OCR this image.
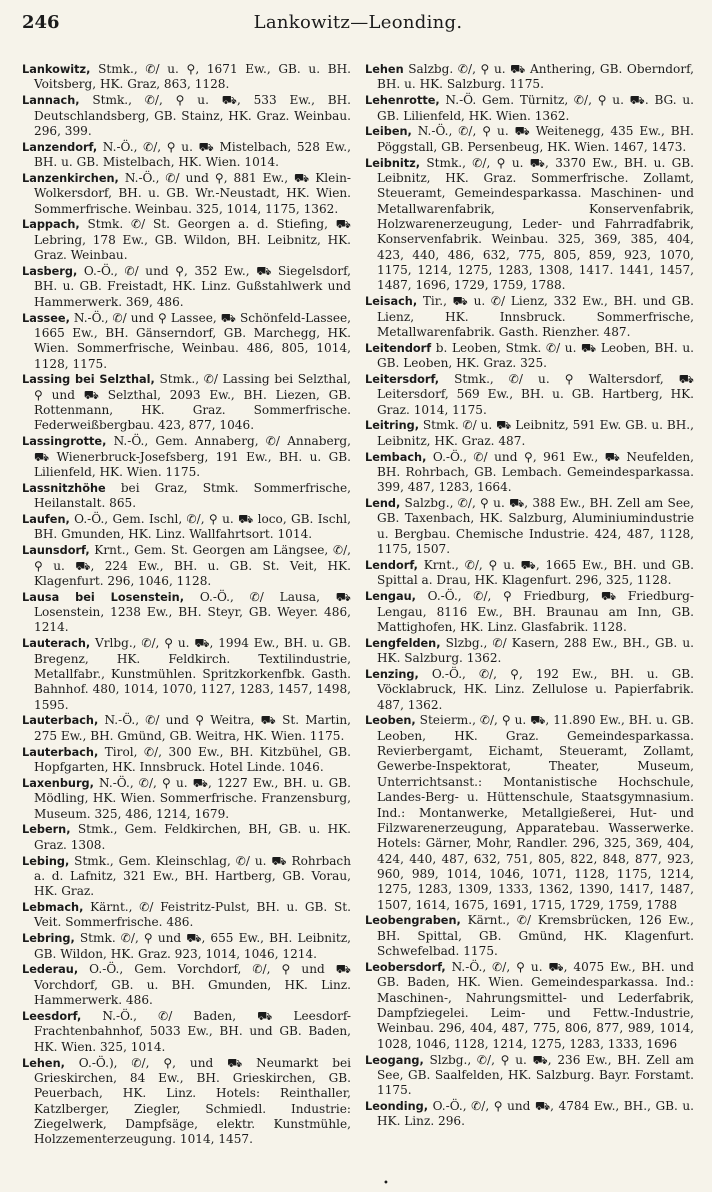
246	Lankowitz—Leonding.

Lankowitz, Stmk., ✆/ u. ⚲, 1671 Ew., GB. u. BH. Voitsberg, HK. Graz, 863, 1128.

Lannach, Stmk., ✆/, ⚲ u. ⛟, 533 Ew., BH. Deutschlandsberg, GB. Stainz, HK. Graz. Weinbau. 296, 399.

Lanzendorf, N.-Ö., ✆/, ⚲ u. ⛟ Mistelbach, 528 Ew., BH. u. GB. Mistelbach, HK. Wien. 1014.

Lanzenkirchen, N.-Ö., ✆/ und ⚲, 881 Ew., ⛟ Klein-Wolkersdorf, BH. u. GB. Wr.-Neustadt, HK. Wien. Sommerfrische. Weinbau. 325, 1014, 1175, 1362.

Lappach, Stmk. ✆/ St. Georgen a. d. Stiefing, ⛟ Lebring, 178 Ew., GB. Wildon, BH. Leibnitz, HK. Graz. Weinbau.

Lasberg, O.-Ö., ✆/ und ⚲, 352 Ew., ⛟ Siegelsdorf, BH. u. GB. Freistadt, HK. Linz. Gußstahlwerk und Hammerwerk. 369, 486.

Lassee, N.-Ö., ✆/ und ⚲ Lassee, ⛟ Schönfeld-Lassee, 1665 Ew., BH. Gänserndorf, GB. Marchegg, HK. Wien. Sommerfrische, Weinbau. 486, 805, 1014, 1128, 1175.

Lassing bei Selzthal, Stmk., ✆/ Lassing bei Selzthal, ⚲ und ⛟ Selzthal, 2093 Ew., BH. Liezen, GB. Rottenmann, HK. Graz. Sommerfrische. Federweißbergbau. 423, 877, 1046.

Lassingrotte, N.-Ö., Gem. Annaberg, ✆/ Annaberg, ⛟ Wienerbruck-Josefsberg, 191 Ew., BH. u. GB. Lilienfeld, HK. Wien. 1175.

Lassnitzhöhe bei Graz, Stmk. Sommerfrische, Heilanstalt. 865.

Laufen, O.-Ö., Gem. Ischl, ✆/, ⚲ u. ⛟ loco, GB. Ischl, BH. Gmunden, HK. Linz. Wallfahrtsort. 1014.

Launsdorf, Krnt., Gem. St. Georgen am Längsee, ✆/, ⚲ u. ⛟, 224 Ew., BH. u. GB. St. Veit, HK. Klagenfurt. 296, 1046, 1128.

Lausa bei Losenstein, O.-Ö., ✆/ Lausa, ⛟ Losenstein, 1238 Ew., BH. Steyr, GB. Weyer. 486, 1214.

Lauterach, Vrlbg., ✆/, ⚲ u. ⛟, 1994 Ew., BH. u. GB. Bregenz, HK. Feldkirch. Textilindustrie, Metallfabr., Kunstmühlen. Spritzkorkenfbk. Gasth. Bahnhof. 480, 1014, 1070, 1127, 1283, 1457, 1498, 1595.

Lauterbach, N.-Ö., ✆/ und ⚲ Weitra, ⛟ St. Martin, 275 Ew., BH. Gmünd, GB. Weitra, HK. Wien. 1175.

Lauterbach, Tirol, ✆/, 300 Ew., BH. Kitzbühel, GB. Hopfgarten, HK. Innsbruck. Hotel Linde. 1046.

Laxenburg, N.-Ö., ✆/, ⚲ u. ⛟, 1227 Ew., BH. u. GB. Mödling, HK. Wien. Sommerfrische. Franzensburg, Museum. 325, 486, 1214, 1679.

Lebern, Stmk., Gem. Feldkirchen, BH, GB. u. HK. Graz. 1308.

Lebing, Stmk., Gem. Kleinschlag, ✆/ u. ⛟ Rohrbach a. d. Lafnitz, 321 Ew., BH. Hartberg, GB. Vorau, HK. Graz.

Lebmach, Kärnt., ✆/ Feistritz-Pulst, BH. u. GB. St. Veit. Sommerfrische. 486.

Lebring, Stmk. ✆/, ⚲ und ⛟, 655 Ew., BH. Leibnitz, GB. Wildon, HK. Graz. 923, 1014, 1046, 1214.

Lederau, O.-Ö., Gem. Vorchdorf, ✆/, ⚲ und ⛟ Vorchdorf, GB. u. BH. Gmunden, HK. Linz. Hammerwerk. 486.

Leesdorf, N.-Ö., ✆/ Baden, ⛟ Leesdorf-Frachtenbahnhof, 5033 Ew., BH. und GB. Baden, HK. Wien. 325, 1014.

Lehen, O.-Ö.), ✆/, ⚲, und ⛟ Neumarkt bei Grieskirchen, 84 Ew., BH. Grieskirchen, GB. Peuerbach, HK. Linz. Hotels: Reinthaller, Katzlberger, Ziegler, Schmiedl. Industrie: Ziegelwerk, Dampfsäge, elektr. Kunstmühle, Holzzementerzeugung. 1014, 1457.

Lehen Salzbg. ✆/, ⚲ u. ⛟ Anthering, GB. Oberndorf, BH. u. HK. Salzburg. 1175.

Lehenrotte, N.-Ö. Gem. Türnitz, ✆/, ⚲ u. ⛟. BG. u. GB. Lilienfeld, HK. Wien. 1362.

Leiben, N.-Ö., ✆/, ⚲ u. ⛟ Weitenegg, 435 Ew., BH. Pöggstall, GB. Persenbeug, HK. Wien. 1467, 1473.

Leibnitz, Stmk., ✆/, ⚲ u. ⛟, 3370 Ew., BH. u. GB. Leibnitz, HK. Graz. Sommerfrische. Zollamt, Steueramt, Gemeindesparkassa. Maschinen- und Metallwarenfabrik, Konservenfabrik, Holzwarenerzeugung, Leder- und Fahrradfabrik, Konservenfabrik. Weinbau. 325, 369, 385, 404, 423, 440, 486, 632, 775, 805, 859, 923, 1070, 1175, 1214, 1275, 1283, 1308, 1417. 1441, 1457, 1487, 1696, 1729, 1759, 1788.

Leisach, Tir., ⛟ u. ✆/ Lienz, 332 Ew., BH. und GB. Lienz, HK. Innsbruck. Sommerfrische, Metallwarenfabrik. Gasth. Rienzher. 487.

Leitendorf b. Leoben, Stmk. ✆/ u. ⛟ Leoben, BH. u. GB. Leoben, HK. Graz. 325.

Leitersdorf, Stmk., ✆/ u. ⚲ Waltersdorf, ⛟ Leitersdorf, 569 Ew., BH. u. GB. Hartberg, HK. Graz. 1014, 1175.

Leitring, Stmk. ✆/ u. ⛟ Leibnitz, 591 Ew. GB. u. BH., Leibnitz, HK. Graz. 487.

Lembach, O.-Ö., ✆/ und ⚲, 961 Ew., ⛟ Neufelden, BH. Rohrbach, GB. Lembach. Gemeindesparkassa. 399, 487, 1283, 1664.

Lend, Salzbg., ✆/, ⚲ u. ⛟, 388 Ew., BH. Zell am See, GB. Taxenbach, HK. Salzburg, Aluminiumindustrie u. Bergbau. Chemische Industrie. 424, 487, 1128, 1175, 1507.

Lendorf, Krnt., ✆/, ⚲ u. ⛟, 1665 Ew., BH. und GB. Spittal a. Drau, HK. Klagenfurt. 296, 325, 1128.

Lengau, O.-Ö., ✆/, ⚲ Friedburg, ⛟ Friedburg-Lengau, 8116 Ew., BH. Braunau am Inn, GB. Mattighofen, HK. Linz. Glasfabrik. 1128.

Lengfelden, Slzbg., ✆/ Kasern, 288 Ew., BH., GB. u. HK. Salzburg. 1362.

Lenzing, O.-Ö., ✆/, ⚲, 192 Ew., BH. u. GB. Vöcklabruck, HK. Linz. Zellulose u. Papierfabrik. 487, 1362.

Leoben, Steierm., ✆/, ⚲ u. ⛟, 11.890 Ew., BH. u. GB. Leoben, HK. Graz. Gemeindesparkassa. Revierbergamt, Eichamt, Steueramt, Zollamt, Gewerbe-Inspektorat, Theater, Museum, Unterrichtsanst.: Montanistische Hochschule, Landes-Berg- u. Hüttenschule, Staatsgymnasium. Ind.: Montanwerke, Metallgießerei, Hut- und Filzwarenerzeugung, Apparatebau. Wasserwerke. Hotels: Gärner, Mohr, Randler. 296, 325, 369, 404, 424, 440, 487, 632, 751, 805, 822, 848, 877, 923, 960, 989, 1014, 1046, 1071, 1128, 1175, 1214, 1275, 1283, 1309, 1333, 1362, 1390, 1417, 1487, 1507, 1614, 1675, 1691, 1715, 1729, 1759, 1788

Leobengraben, Kärnt., ✆/ Kremsbrücken, 126 Ew., BH. Spittal, GB. Gmünd, HK. Klagenfurt. Schwefelbad. 1175.

Leobersdorf, N.-Ö., ✆/, ⚲ u. ⛟, 4075 Ew., BH. und GB. Baden, HK. Wien. Gemeindesparkassa. Ind.: Maschinen-, Nahrungsmittel- und Lederfabrik, Dampfziegelei. Leim- und Fettw.-Industrie, Weinbau. 296, 404, 487, 775, 806, 877, 989, 1014, 1028, 1046, 1128, 1214, 1275, 1283, 1333, 1696

Leogang, Slzbg., ✆/, ⚲ u. ⛟, 236 Ew., BH. Zell am See, GB. Saalfelden, HK. Salzburg. Bayr. Forstamt. 1175.

Leonding, O.-Ö., ✆/, ⚲ und ⛟, 4784 Ew., BH., GB. u. HK. Linz. 296.

•
